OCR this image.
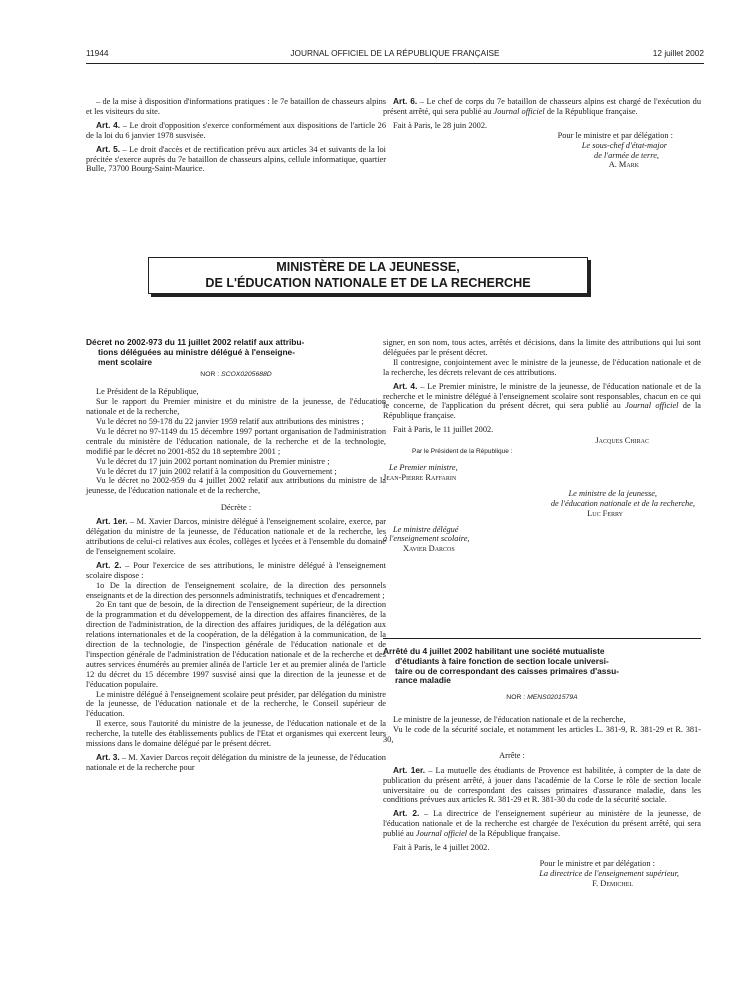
11944	JOURNAL OFFICIEL DE LA RÉPUBLIQUE FRANÇAISE	12 juillet 2002

– de la mise à disposition d'informations pratiques : le 7e bataillon de chasseurs alpins et les visiteurs du site.

Art. 4. – Le droit d'opposition s'exerce conformément aux dispositions de l'article 26 de la loi du 6 janvier 1978 susvisée.

Art. 5. – Le droit d'accès et de rectification prévu aux articles 34 et suivants de la loi précitée s'exerce auprès du 7e bataillon de chasseurs alpins, cellule informatique, quartier Bulle, 73700 Bourg-Saint-Maurice.

Art. 6. – Le chef de corps du 7e bataillon de chasseurs alpins est chargé de l'exécution du présent arrêté, qui sera publié au Journal officiel de la République française.

Fait à Paris, le 28 juin 2002.

Pour le ministre et par délégation :

Le sous-chef d'état-major

de l'armée de terre,

A. Mark

MINISTÈRE DE LA JEUNESSE,
DE L'ÉDUCATION NATIONALE ET DE LA RECHERCHE
Décret no 2002-973 du 11 juillet 2002 relatif aux attribu-
tions déléguées au ministre délégué à l'enseigne-
ment scolaire

NOR : SCOX0205688D

Le Président de la République,

Sur le rapport du Premier ministre et du ministre de la jeunesse, de l'éducation nationale et de la recherche,

Vu le décret no 59-178 du 22 janvier 1959 relatif aux attributions des ministres ;

Vu le décret no 97-1149 du 15 décembre 1997 portant organisation de l'administration centrale du ministère de l'éducation nationale, de la recherche et de la technologie, modifié par le décret no 2001-852 du 18 septembre 2001 ;

Vu le décret du 17 juin 2002 portant nomination du Premier ministre ;

Vu le décret du 17 juin 2002 relatif à la composition du Gouvernement ;

Vu le décret no 2002-959 du 4 juillet 2002 relatif aux attributions du ministre de la jeunesse, de l'éducation nationale et de la recherche,

Décrète :

Art. 1er. – M. Xavier Darcos, ministre délégué à l'enseignement scolaire, exerce, par délégation du ministre de la jeunesse, de l'éducation nationale et de la recherche, les attributions de celui-ci relatives aux écoles, collèges et lycées et à l'ensemble du domaine de l'enseignement scolaire.

Art. 2. – Pour l'exercice de ses attributions, le ministre délégué à l'enseignement scolaire dispose :

1o De la direction de l'enseignement scolaire, de la direction des personnels enseignants et de la direction des personnels administratifs, techniques et d'encadrement ;

2o En tant que de besoin, de la direction de l'enseignement supérieur, de la direction de la programmation et du développement, de la direction des affaires financières, de la direction de l'administration, de la direction des affaires juridiques, de la délégation aux relations internationales et de la coopération, de la délégation à la communication, de la direction de la technologie, de l'inspection générale de l'éducation nationale et de l'inspection générale de l'administration de l'éducation nationale et de la recherche et des autres services énumérés au premier alinéa de l'article 1er et au premier alinéa de l'article 12 du décret du 15 décembre 1997 susvisé ainsi que la direction de la jeunesse et de l'éducation populaire.

Le ministre délégué à l'enseignement scolaire peut présider, par délégation du ministre de la jeunesse, de l'éducation nationale et de la recherche, le Conseil supérieur de l'éducation.

Il exerce, sous l'autorité du ministre de la jeunesse, de l'éducation nationale et de la recherche, la tutelle des établissements publics de l'Etat et organismes qui exercent leurs missions dans le domaine délégué par le présent décret.

Art. 3. – M. Xavier Darcos reçoit délégation du ministre de la jeunesse, de l'éducation nationale et de la recherche pour

signer, en son nom, tous actes, arrêtés et décisions, dans la limite des attributions qui lui sont déléguées par le présent décret.

Il contresigne, conjointement avec le ministre de la jeunesse, de l'éducation nationale et de la recherche, les décrets relevant de ces attributions.

Art. 4. – Le Premier ministre, le ministre de la jeunesse, de l'éducation nationale et de la recherche et le ministre délégué à l'enseignement scolaire sont responsables, chacun en ce qui le concerne, de l'application du présent décret, qui sera publié au Journal officiel de la République française.

Fait à Paris, le 11 juillet 2002.

Jacques Chirac

Par le Président de la République :

Le Premier ministre,

Jean-Pierre Raffarin

Le ministre de la jeunesse,

de l'éducation nationale et de la recherche,

Luc Ferry

Le ministre délégué

à l'enseignement scolaire,

Xavier Darcos

Arrêté du 4 juillet 2002 habilitant une société mutualiste
d'étudiants à faire fonction de section locale universi-
taire ou de correspondant des caisses primaires d'assu-
rance maladie

NOR : MENS0201579A

Le ministre de la jeunesse, de l'éducation nationale et de la recherche,

Vu le code de la sécurité sociale, et notamment les articles L. 381-9, R. 381-29 et R. 381-30,

Arrête :

Art. 1er. – La mutuelle des étudiants de Provence est habilitée, à compter de la date de publication du présent arrêté, à jouer dans l'académie de la Corse le rôle de section locale universitaire ou de correspondant des caisses primaires d'assurance maladie, dans les conditions prévues aux articles R. 381-29 et R. 381-30 du code de la sécurité sociale.

Art. 2. – La directrice de l'enseignement supérieur au ministère de la jeunesse, de l'éducation nationale et de la recherche est chargée de l'exécution du présent arrêté, qui sera publié au Journal officiel de la République française.

Fait à Paris, le 4 juillet 2002.

Pour le ministre et par délégation :

La directrice de l'enseignement supérieur,

F. Demichel
